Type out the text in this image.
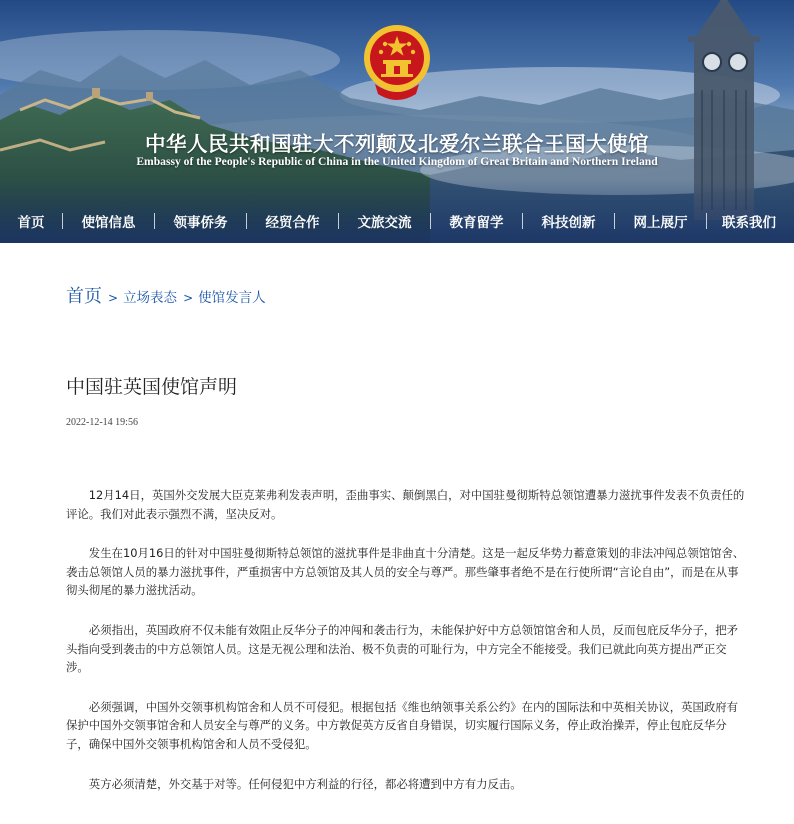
中华人民共和国驻大不列颠及北爱尔兰联合王国大使馆
Embassy of the People's Republic of China in the United Kingdom of Great Britain and Northern Ireland
首页	使馆信息	领事侨务	经贸合作	文旅交流	教育留学	科技创新	网上展厅	联系我们
首页 > 立场表态 > 使馆发言人
中国驻英国使馆声明
2022-12-14 19:56

12月14日，英国外交发展大臣克莱弗利发表声明，歪曲事实、颠倒黑白，对中国驻曼彻斯特总领馆遭暴力滋扰事件发表不负责任的评论。我们对此表示强烈不满，坚决反对。

发生在10月16日的针对中国驻曼彻斯特总领馆的滋扰事件是非曲直十分清楚。这是一起反华势力蓄意策划的非法冲闯总领馆馆舍、袭击总领馆人员的暴力滋扰事件，严重损害中方总领馆及其人员的安全与尊严。那些肇事者绝不是在行使所谓“言论自由”，而是在从事彻头彻尾的暴力滋扰活动。

必须指出，英国政府不仅未能有效阻止反华分子的冲闯和袭击行为，未能保护好中方总领馆馆舍和人员，反而包庇反华分子，把矛头指向受到袭击的中方总领馆人员。这是无视公理和法治、极不负责的可耻行为，中方完全不能接受。我们已就此向英方提出严正交涉。

必须强调，中国外交领事机构馆舍和人员不可侵犯。根据包括《维也纳领事关系公约》在内的国际法和中英相关协议，英国政府有保护中国外交领事馆舍和人员安全与尊严的义务。中方敦促英方反省自身错误，切实履行国际义务，停止政治操弄，停止包庇反华分子，确保中国外交领事机构馆舍和人员不受侵犯。

英方必须清楚，外交基于对等。任何侵犯中方利益的行径，都必将遭到中方有力反击。
